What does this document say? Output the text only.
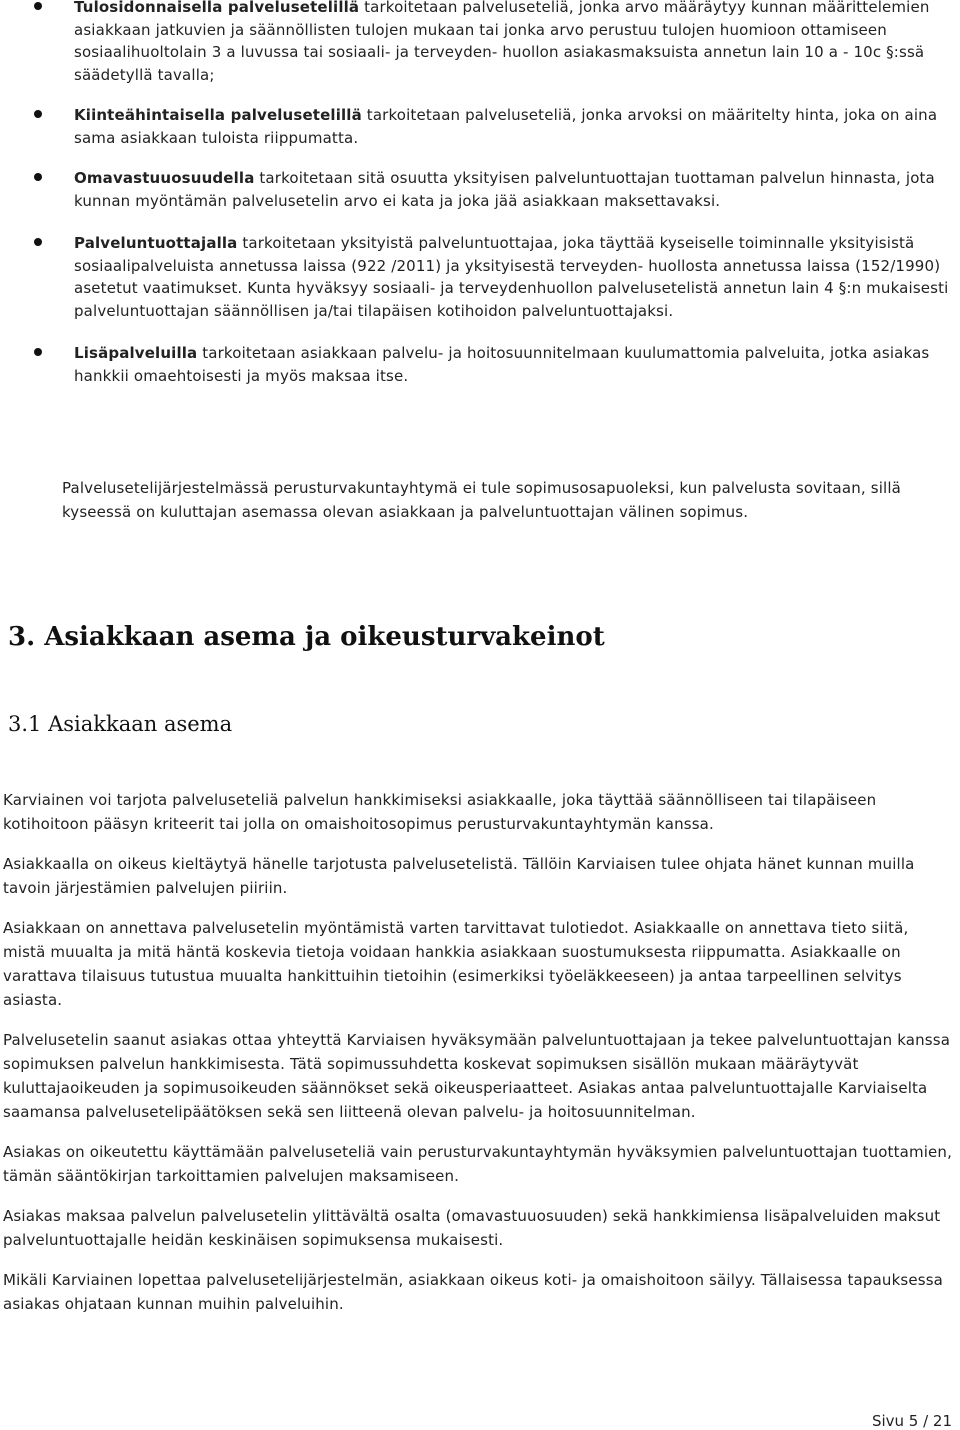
Tulosidonnaisella palvelusetelillä tarkoitetaan palveluseteliä, jonka arvo määräytyy kunnan määrittelemien asiakkaan jatkuvien ja säännöllisten tulojen mukaan tai jonka arvo perustuu tulojen huomioon ottamiseen sosiaalihuoltolain 3 a luvussa tai sosiaali- ja terveyden- huollon asiakasmaksuista annetun lain 10 a - 10c §:ssä säädetyllä tavalla;
Kiinteähintaisella palvelusetelillä tarkoitetaan palveluseteliä, jonka arvoksi on määritelty hinta, joka on aina sama asiakkaan tuloista riippumatta.
Omavastuuosuudella tarkoitetaan sitä osuutta yksityisen palveluntuottajan tuottaman palvelun hinnasta, jota kunnan myöntämän palvelusetelin arvo ei kata ja joka jää asiakkaan maksettavaksi.
Palveluntuottajalla tarkoitetaan yksityistä palveluntuottajaa, joka täyttää kyseiselle toiminnalle yksityisistä sosiaalipalveluista annetussa laissa (922 /2011) ja yksityisestä terveyden- huollosta annetussa laissa (152/1990) asetetut vaatimukset. Kunta hyväksyy sosiaali- ja terveydenhuollon palvelusetelistä annetun lain 4 §:n mukaisesti palveluntuottajan säännöllisen ja/tai tilapäisen kotihoidon palveluntuottajaksi.
Lisäpalveluilla tarkoitetaan asiakkaan palvelu- ja hoitosuunnitelmaan kuulumattomia palveluita, jotka asiakas hankkii omaehtoisesti ja myös maksaa itse.

Palvelusetelijärjestelmässä perusturvakuntayhtymä ei tule sopimusosapuoleksi, kun palvelusta sovitaan, sillä kyseessä on kuluttajan asemassa olevan asiakkaan ja palveluntuottajan välinen sopimus.

3. Asiakkaan asema ja oikeusturvakeinot
3.1 Asiakkaan asema

Karviainen voi tarjota palveluseteliä palvelun hankkimiseksi asiakkaalle, joka täyttää säännölliseen tai tilapäiseen kotihoitoon pääsyn kriteerit tai jolla on omaishoitosopimus perusturvakuntayhtymän kanssa.

Asiakkaalla on oikeus kieltäytyä hänelle tarjotusta palvelusetelistä. Tällöin Karviaisen tulee ohjata hänet kunnan muilla tavoin järjestämien palvelujen piiriin.

Asiakkaan on annettava palvelusetelin myöntämistä varten tarvittavat tulotiedot. Asiakkaalle on annettava tieto siitä, mistä muualta ja mitä häntä koskevia tietoja voidaan hankkia asiakkaan suostumuksesta riippumatta. Asiakkaalle on varattava tilaisuus tutustua muualta hankittuihin tietoihin (esimerkiksi työeläkkeeseen) ja antaa tarpeellinen selvitys asiasta.

Palvelusetelin saanut asiakas ottaa yhteyttä Karviaisen hyväksymään palveluntuottajaan ja tekee palveluntuottajan kanssa sopimuksen palvelun hankkimisesta. Tätä sopimussuhdetta koskevat sopimuksen sisällön mukaan määräytyvät kuluttajaoikeuden ja sopimusoikeuden säännökset sekä oikeusperiaatteet. Asiakas antaa palveluntuottajalle Karviaiselta saamansa palvelusetelipäätöksen sekä sen liitteenä olevan palvelu- ja hoitosuunnitelman.

Asiakas on oikeutettu käyttämään palveluseteliä vain perusturvakuntayhtymän hyväksymien palveluntuottajan tuottamien, tämän sääntökirjan tarkoittamien palvelujen maksamiseen.

Asiakas maksaa palvelun palvelusetelin ylittävältä osalta (omavastuuosuuden) sekä hankkimiensa lisäpalveluiden maksut palveluntuottajalle heidän keskinäisen sopimuksensa mukaisesti.

Mikäli Karviainen lopettaa palvelusetelijärjestelmän, asiakkaan oikeus koti- ja omaishoitoon säilyy. Tällaisessa tapauksessa asiakas ohjataan kunnan muihin palveluihin.

Sivu 5 / 21
